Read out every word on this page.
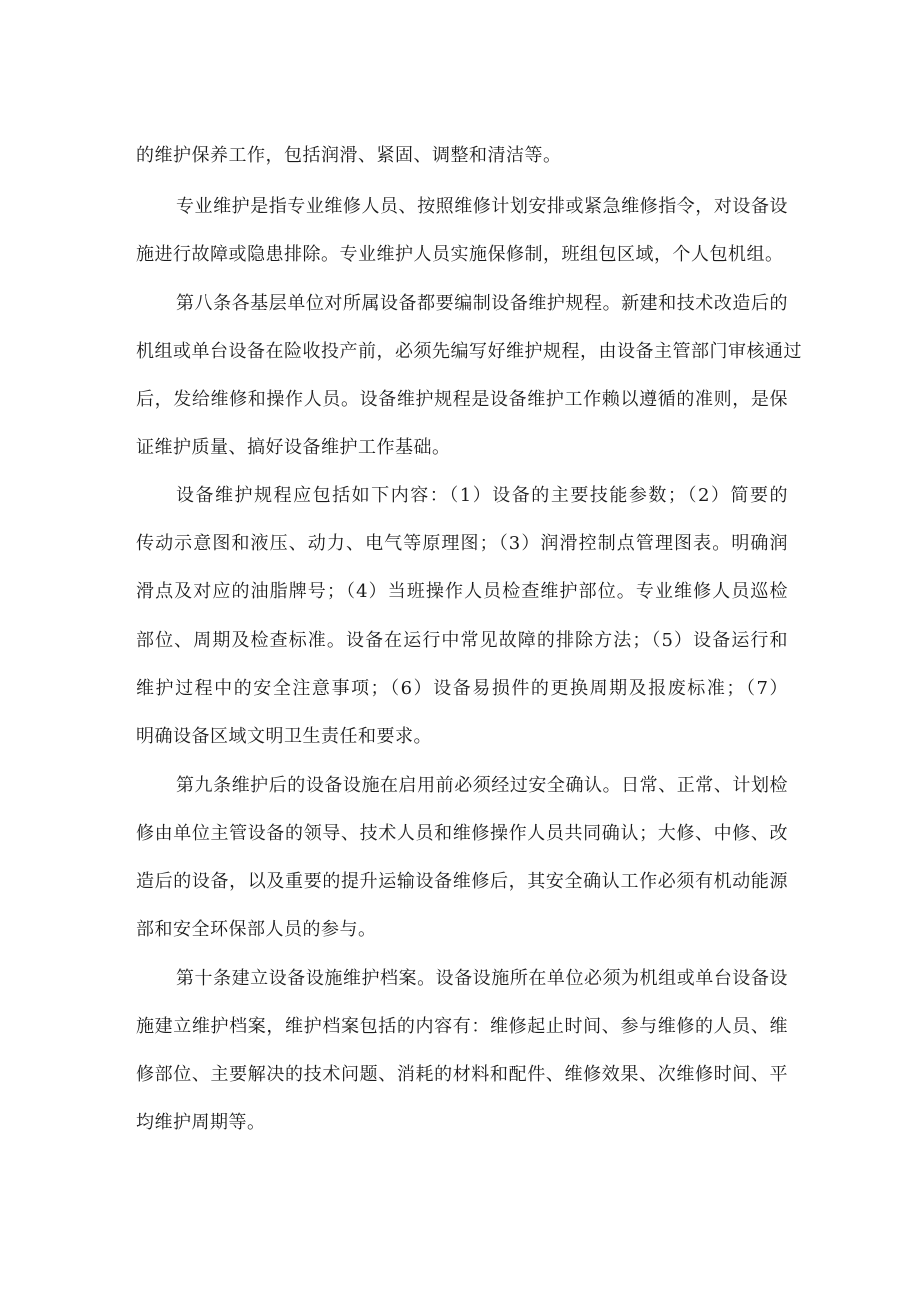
的维护保养工作，包括润滑、紧固、调整和清洁等。
专业维护是指专业维修人员、按照维修计划安排或紧急维修指令，对设备设
施进行故障或隐患排除。专业维护人员实施保修制，班组包区域，个人包机组。
第八条各基层单位对所属设备都要编制设备维护规程。新建和技术改造后的
机组或单台设备在险收投产前，必须先编写好维护规程，由设备主管部门审核通过
后，发给维修和操作人员。设备维护规程是设备维护工作赖以遵循的准则，是保
证维护质量、搞好设备维护工作基础。
设备维护规程应包括如下内容：（1）设备的主要技能参数；（2）简要的
传动示意图和液压、动力、电气等原理图；（3）润滑控制点管理图表。明确润
滑点及对应的油脂牌号；（4）当班操作人员检查维护部位。专业维修人员巡检
部位、周期及检查标准。设备在运行中常见故障的排除方法；（5）设备运行和
维护过程中的安全注意事项；（6）设备易损件的更换周期及报废标准；（7）
明确设备区域文明卫生责任和要求。
第九条维护后的设备设施在启用前必须经过安全确认。日常、正常、计划检
修由单位主管设备的领导、技术人员和维修操作人员共同确认；大修、中修、改
造后的设备，以及重要的提升运输设备维修后，其安全确认工作必须有机动能源
部和安全环保部人员的参与。
第十条建立设备设施维护档案。设备设施所在单位必须为机组或单台设备设
施建立维护档案，维护档案包括的内容有：维修起止时间、参与维修的人员、维
修部位、主要解决的技术问题、消耗的材料和配件、维修效果、次维修时间、平
均维护周期等。
